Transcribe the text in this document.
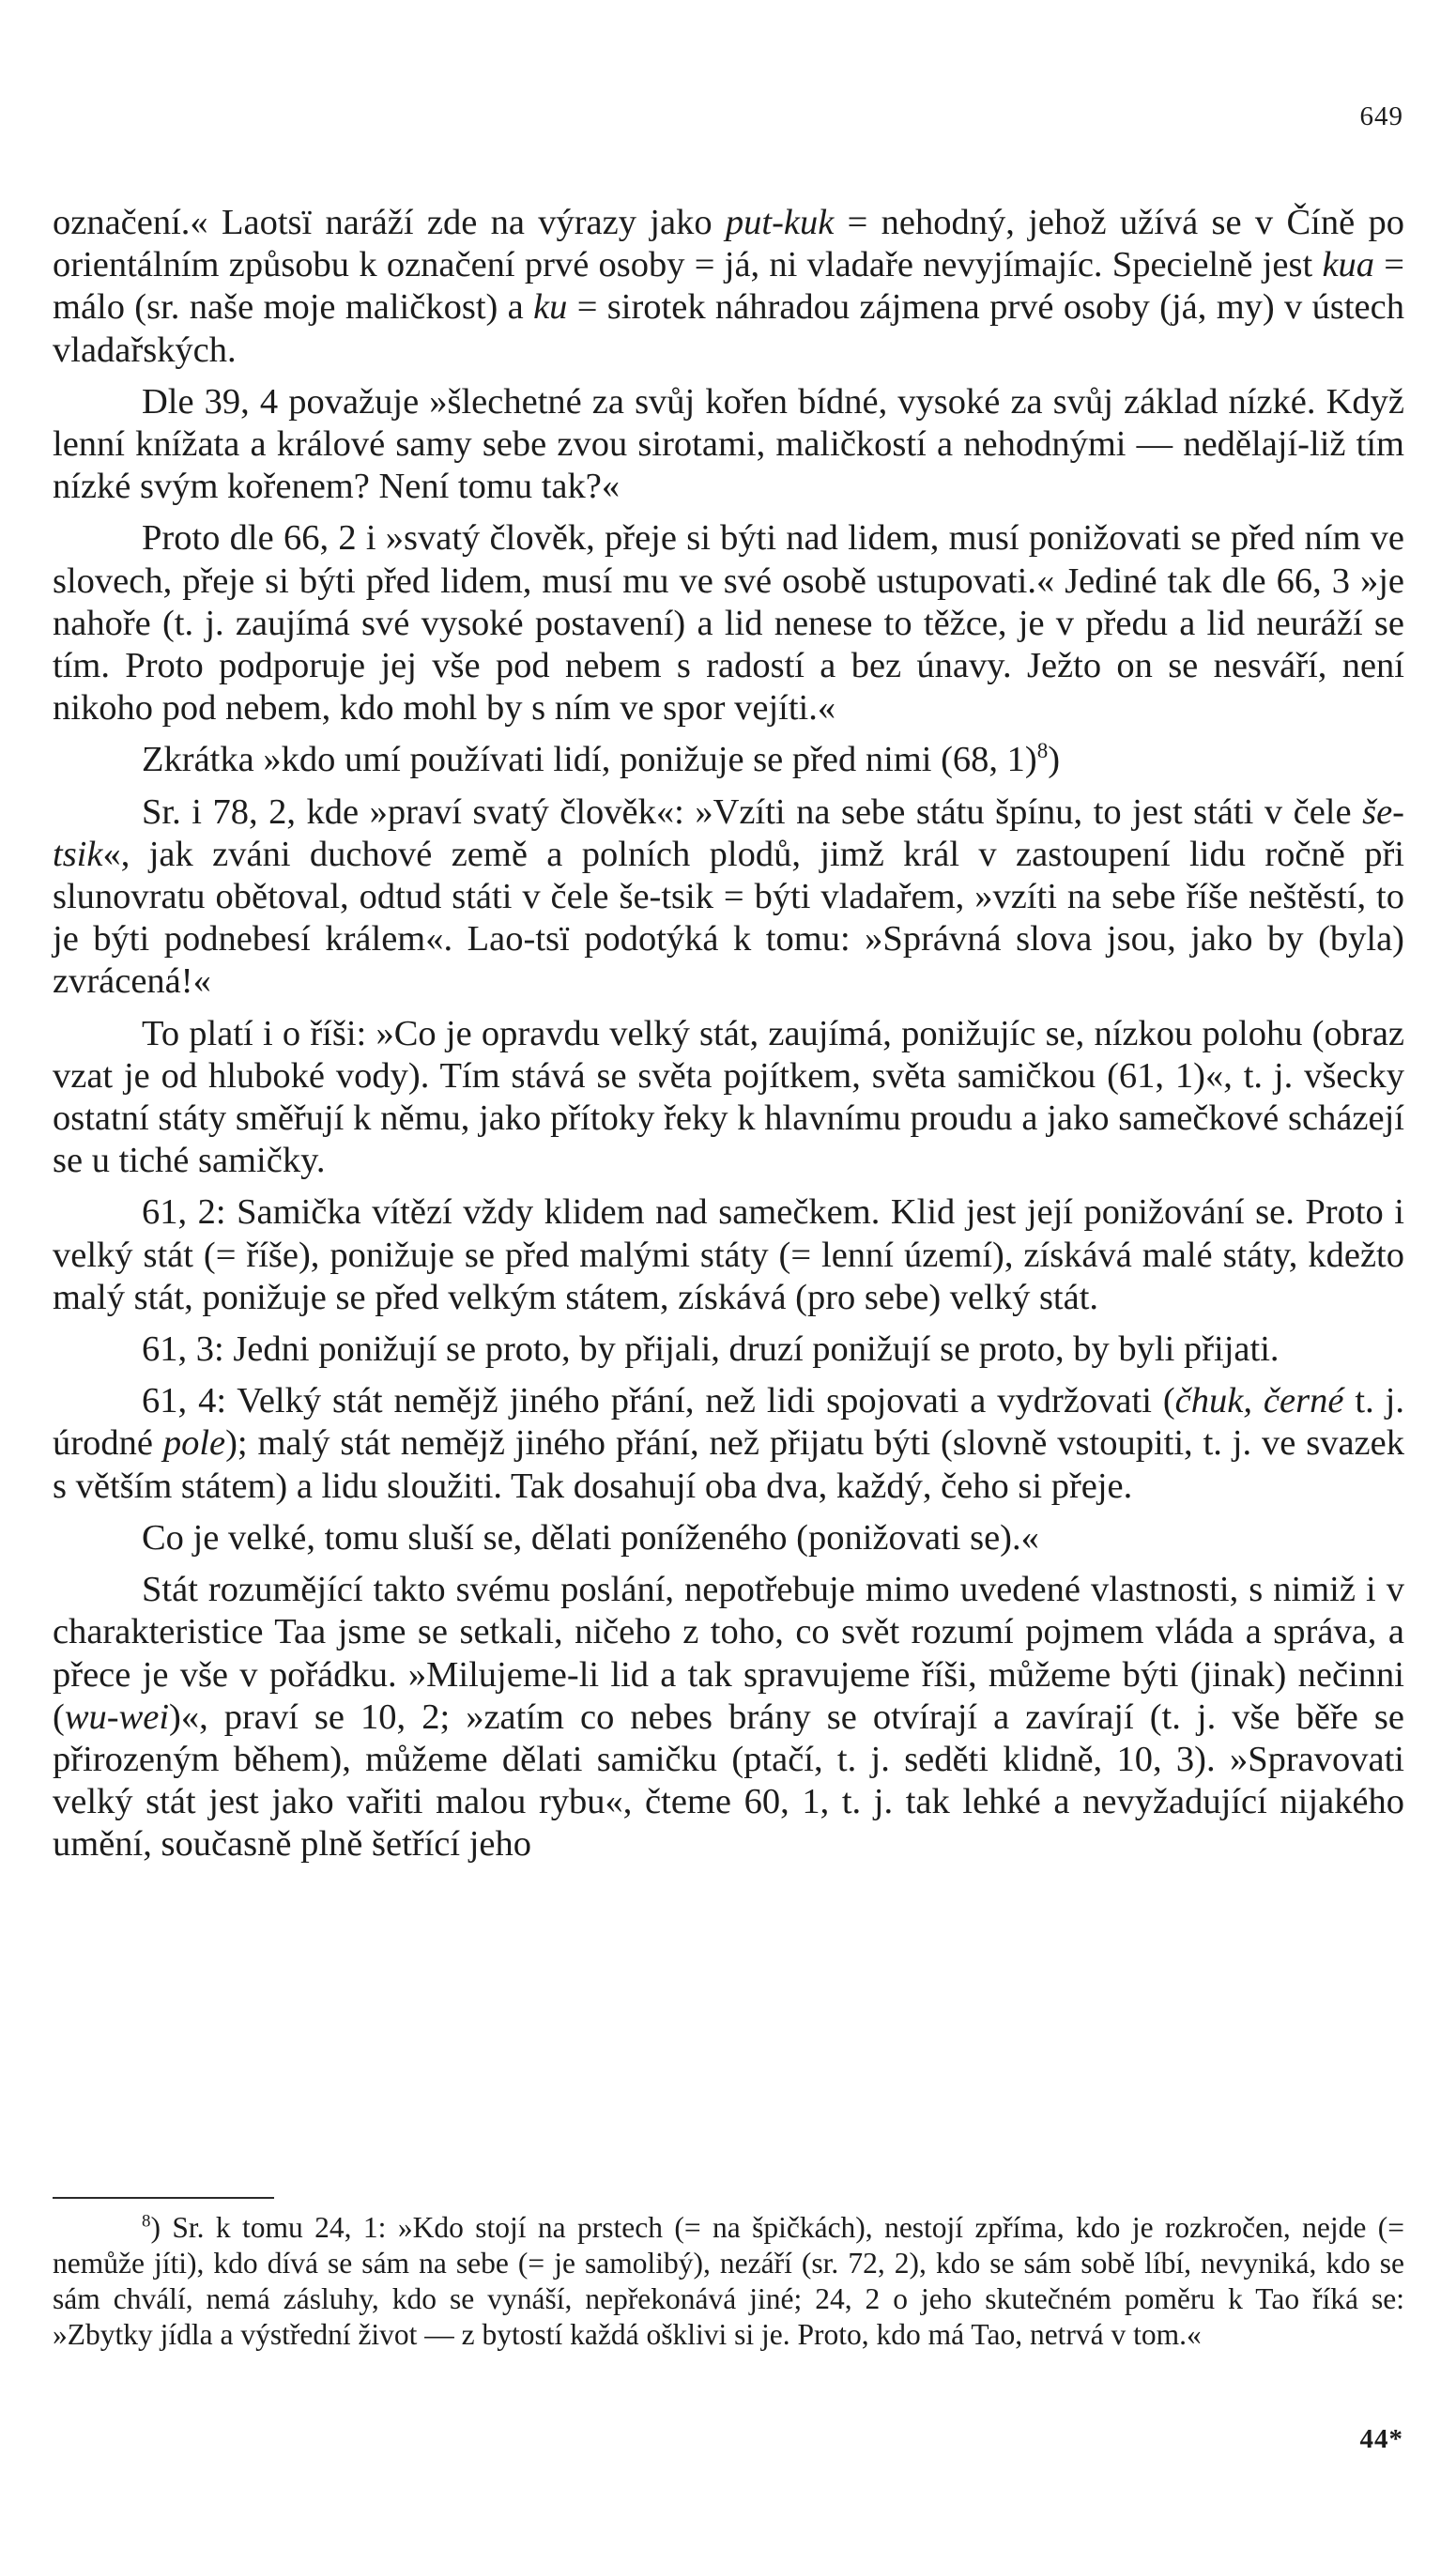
649

označení.« Laotsï naráží zde na výrazy jako put-kuk = nehodný, jehož užívá se v Číně po orientálním způsobu k označení prvé osoby = já, ni vladaře nevyjímajíc. Specielně jest kua = málo (sr. naše moje maličkost) a ku = sirotek náhradou zájmena prvé osoby (já, my) v ústech vladařských.

Dle 39, 4 považuje »šlechetné za svůj kořen bídné, vysoké za svůj základ nízké. Když lenní knížata a králové samy sebe zvou sirotami, maličkostí a nehodnými — nedělají-liž tím nízké svým kořenem? Není tomu tak?«

Proto dle 66, 2 i »svatý člověk, přeje si býti nad lidem, musí ponižovati se před ním ve slovech, přeje si býti před lidem, musí mu ve své osobě ustupovati.« Jediné tak dle 66, 3 »je nahoře (t. j. zaujímá své vysoké postavení) a lid nenese to těžce, je v předu a lid neuráží se tím. Proto podporuje jej vše pod nebem s radostí a bez únavy. Ježto on se nesváří, není nikoho pod nebem, kdo mohl by s ním ve spor vejíti.«

Zkrátka »kdo umí používati lidí, ponižuje se před nimi (68, 1)$^8$)

Sr. i 78, 2, kde »praví svatý člověk«: »Vzíti na sebe státu špínu, to jest státi v čele še-tsik«, jak zváni duchové země a polních plodů, jimž král v zastoupení lidu ročně při slunovratu obětoval, odtud státi v čele še-tsik = býti vladařem, »vzíti na sebe říše neštěstí, to je býti podnebesí králem«. Lao-tsï podotýká k tomu: »Správná slova jsou, jako by (byla) zvrácená!«

To platí i o říši: »Co je opravdu velký stát, zaujímá, ponižujíc se, nízkou polohu (obraz vzat je od hluboké vody). Tím stává se světa pojítkem, světa samičkou (61, 1)«, t. j. všecky ostatní státy směřují k němu, jako přítoky řeky k hlavnímu proudu a jako samečkové scházejí se u tiché samičky.

61, 2: Samička vítězí vždy klidem nad samečkem. Klid jest její ponižování se. Proto i velký stát (= říše), ponižuje se před malými státy (= lenní území), získává malé státy, kdežto malý stát, ponižuje se před velkým státem, získává (pro sebe) velký stát.

61, 3: Jedni ponižují se proto, by přijali, druzí ponižují se proto, by byli přijati.

61, 4: Velký stát nemějž jiného přání, než lidi spojovati a vydržovati (čhuk, černé t. j. úrodné pole); malý stát nemějž jiného přání, než přijatu býti (slovně vstoupiti, t. j. ve svazek s větším státem) a lidu sloužiti. Tak dosahují oba dva, každý, čeho si přeje.

Co je velké, tomu sluší se, dělati poníženého (ponižovati se).«

Stát rozumějící takto svému poslání, nepotřebuje mimo uvedené vlastnosti, s nimiž i v charakteristice Taa jsme se setkali, ničeho z toho, co svět rozumí pojmem vláda a správa, a přece je vše v pořádku. »Milujeme-li lid a tak spravujeme říši, můžeme býti (jinak) nečinni (wu-wei)«, praví se 10, 2; »zatím co nebes brány se otvírají a zavírají (t. j. vše běře se přirozeným během), můžeme dělati samičku (ptačí, t. j. seděti klidně, 10, 3). »Spravovati velký stát jest jako vařiti malou rybu«, čteme 60, 1, t. j. tak lehké a nevyžadující nijakého umění, současně plně šetřící jeho

$^8$) Sr. k tomu 24, 1: »Kdo stojí na prstech (= na špičkách), nestojí zpříma, kdo je rozkročen, nejde (= nemůže jíti), kdo dívá se sám na sebe (= je samolibý), nezáří (sr. 72, 2), kdo se sám sobě líbí, nevyniká, kdo se sám chválí, nemá zásluhy, kdo se vynáší, nepřekonává jiné; 24, 2 o jeho skutečném poměru k Tao říká se: »Zbytky jídla a výstřední život — z bytostí každá ošklivi si je. Proto, kdo má Tao, netrvá v tom.«

44*
